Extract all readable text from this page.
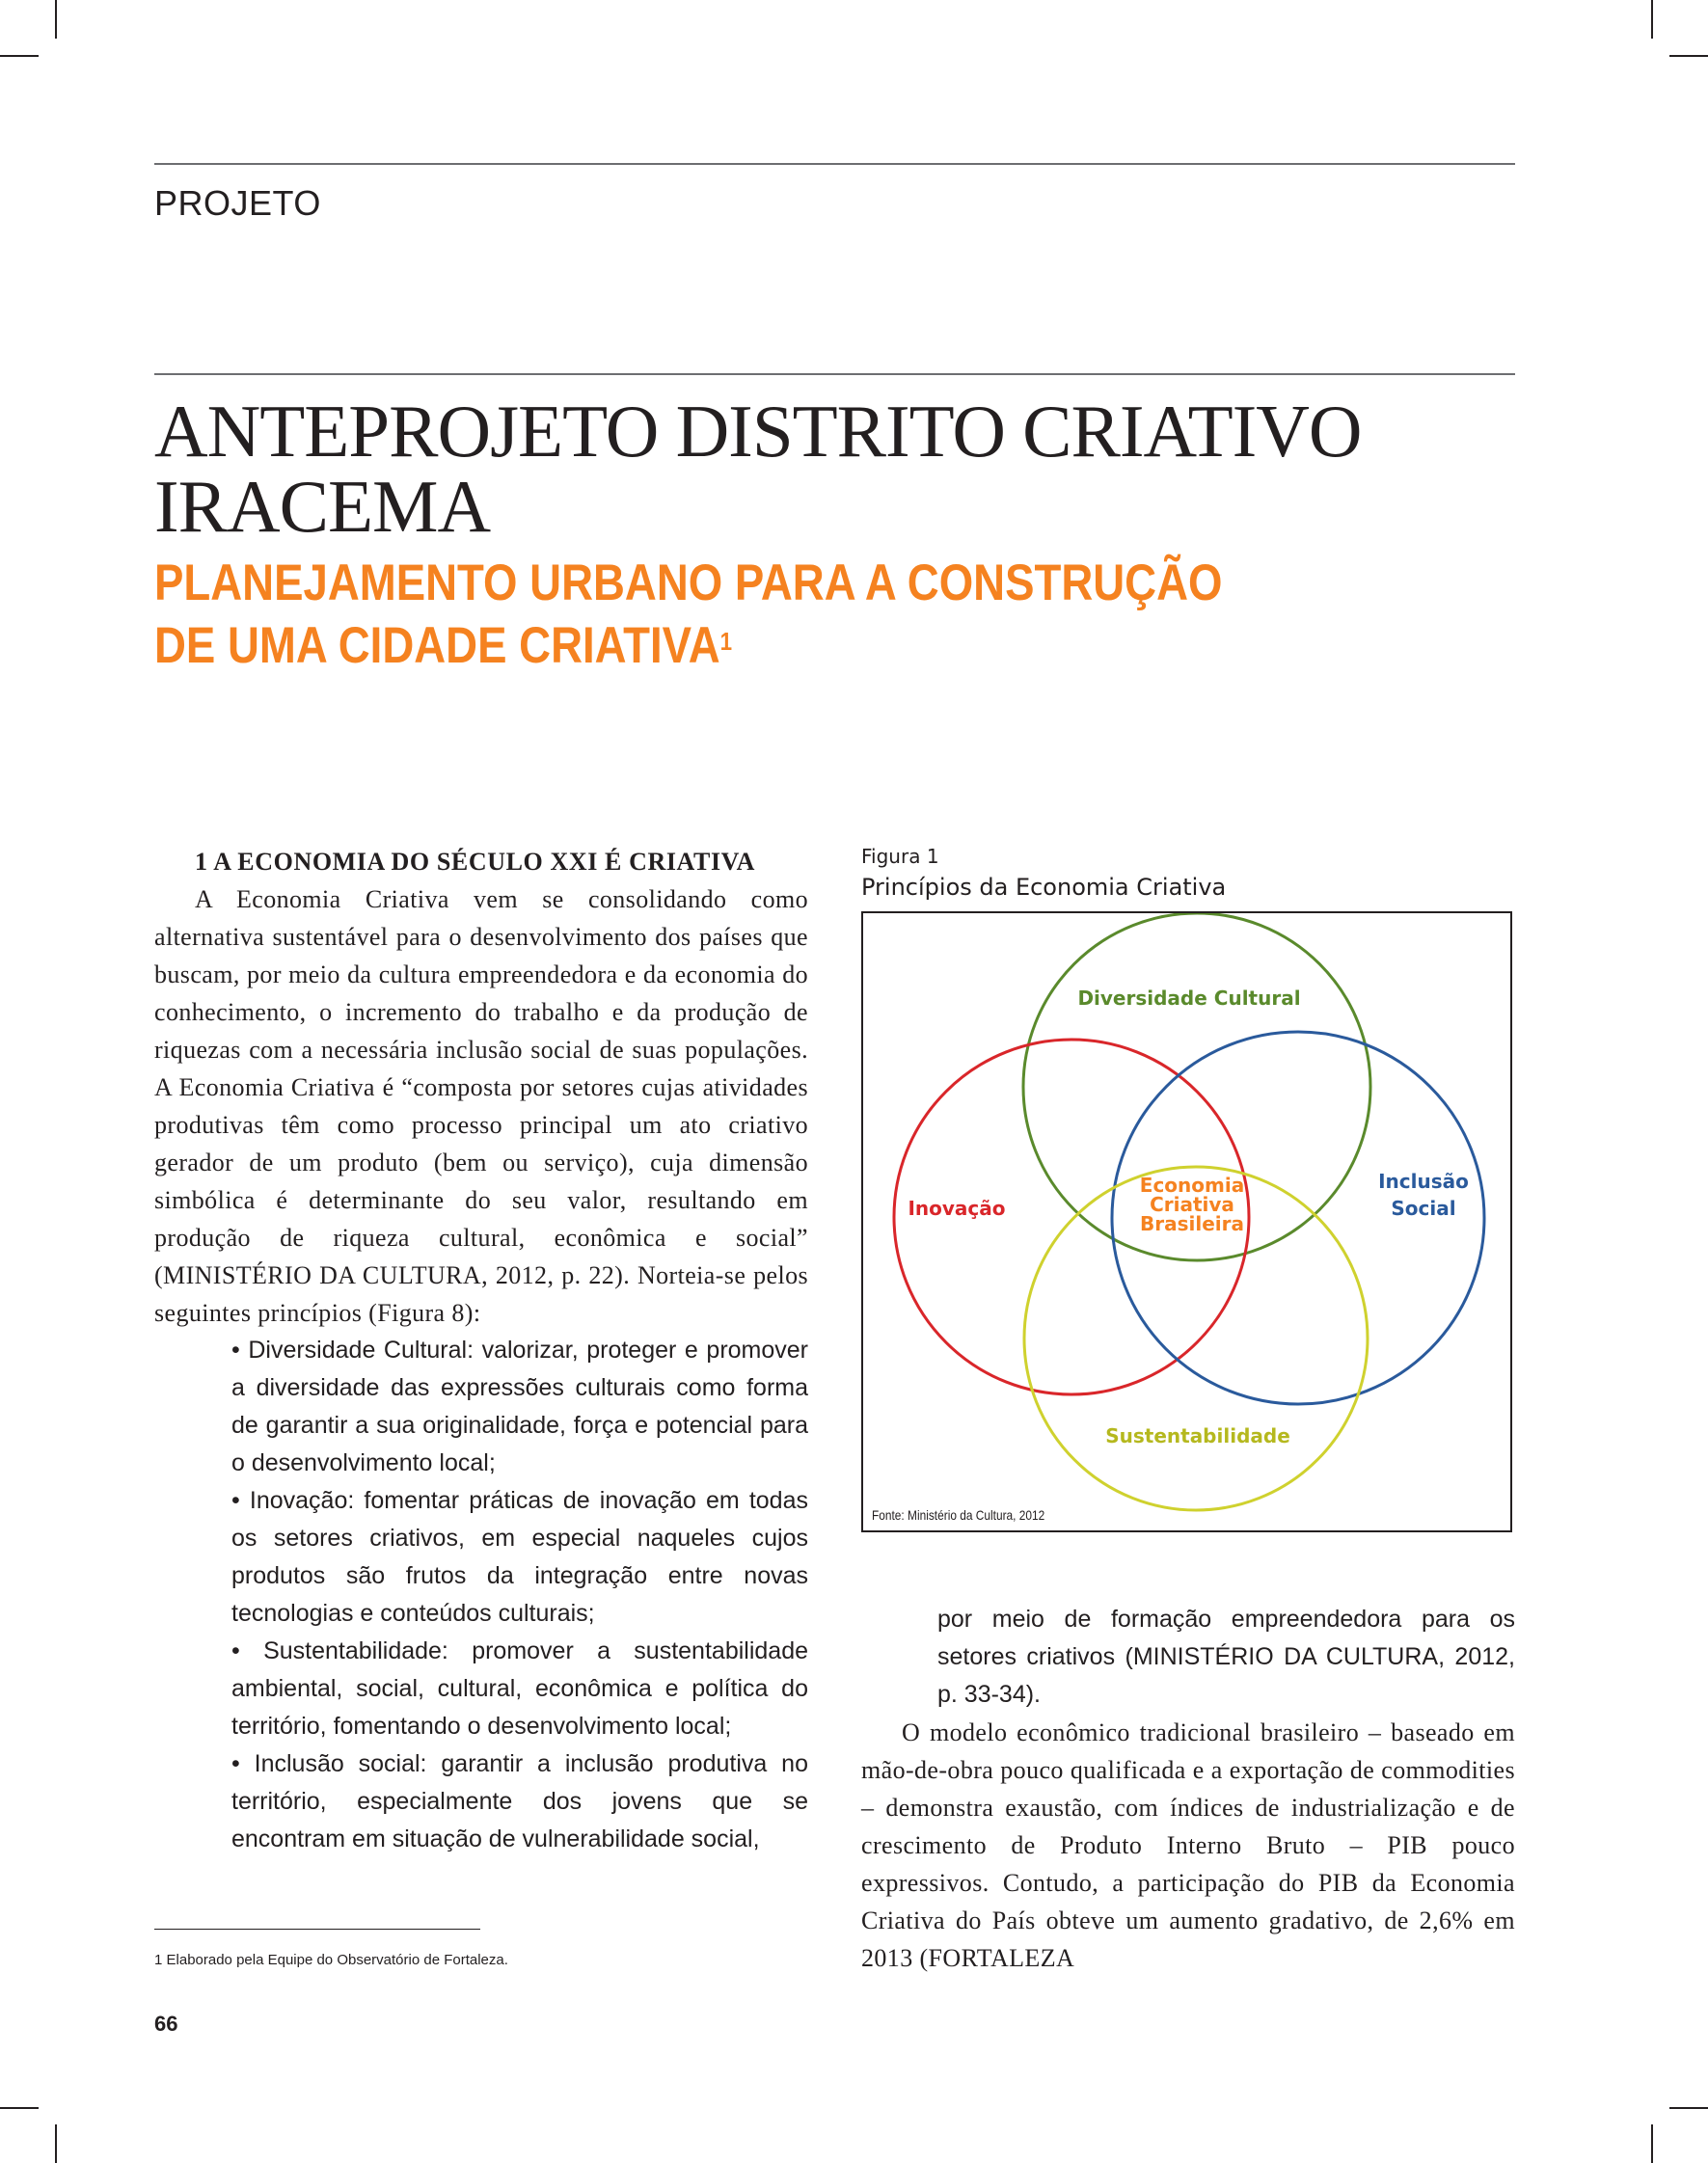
PROJETO
ANTEPROJETO DISTRITO CRIATIVO
IRACEMA
PLANEJAMENTO URBANO PARA A CONSTRUÇÃO
DE UMA CIDADE CRIATIVA$^1$

1 A ECONOMIA DO SÉCULO XXI É CRIATIVA

A Economia Criativa vem se consolidando como alternativa sustentável para o desenvolvimento dos países que buscam, por meio da cultura empreendedora e da economia do conhecimento, o incremento do trabalho e da produção de riquezas com a necessária inclusão social de suas populações. A Economia Criativa é “composta por setores cujas atividades produtivas têm como processo principal um ato criativo gerador de um produto (bem ou serviço), cuja dimensão simbólica é determinante do seu valor, resultando em produção de riqueza cultural, econômica e social” (MINISTÉRIO DA CULTURA, 2012, p. 22). Norteia-se pelos seguintes princípios (Figura 8):

• Diversidade Cultural: valorizar, proteger e promover a diversidade das expressões culturais como forma de garantir a sua originalidade, força e potencial para o desenvolvimento local;

• Inovação: fomentar práticas de inovação em todas os setores criativos, em especial naqueles cujos produtos são frutos da integração entre novas tecnologias e conteúdos culturais;

• Sustentabilidade: promover a sustentabilidade ambiental, social, cultural, econômica e política do território, fomentando o desenvolvimento local;

• Inclusão social: garantir a inclusão produtiva no território, especialmente dos jovens que se encontram em situação de vulnerabilidade social,

Figura 1
Princípios da Economia Criativa
Diversidade Cultural
Inovação
Inclusão
Social
Sustentabilidade
Economia
Criativa
Brasileira
Fonte: Ministério da Cultura, 2012

por meio de formação empreendedora para os setores criativos (MINISTÉRIO DA CULTURA, 2012, p. 33-34).

O modelo econômico tradicional brasileiro – baseado em mão-de-obra pouco qualificada e a exportação de commodities – demonstra exaustão, com índices de industrialização e de crescimento de Produto Interno Bruto – PIB pouco expressivos. Contudo, a participação do PIB da Economia Criativa do País obteve um aumento gradativo, de 2,6% em 2013 (FORTALEZA

1 Elaborado pela Equipe do Observatório de Fortaleza.
66
